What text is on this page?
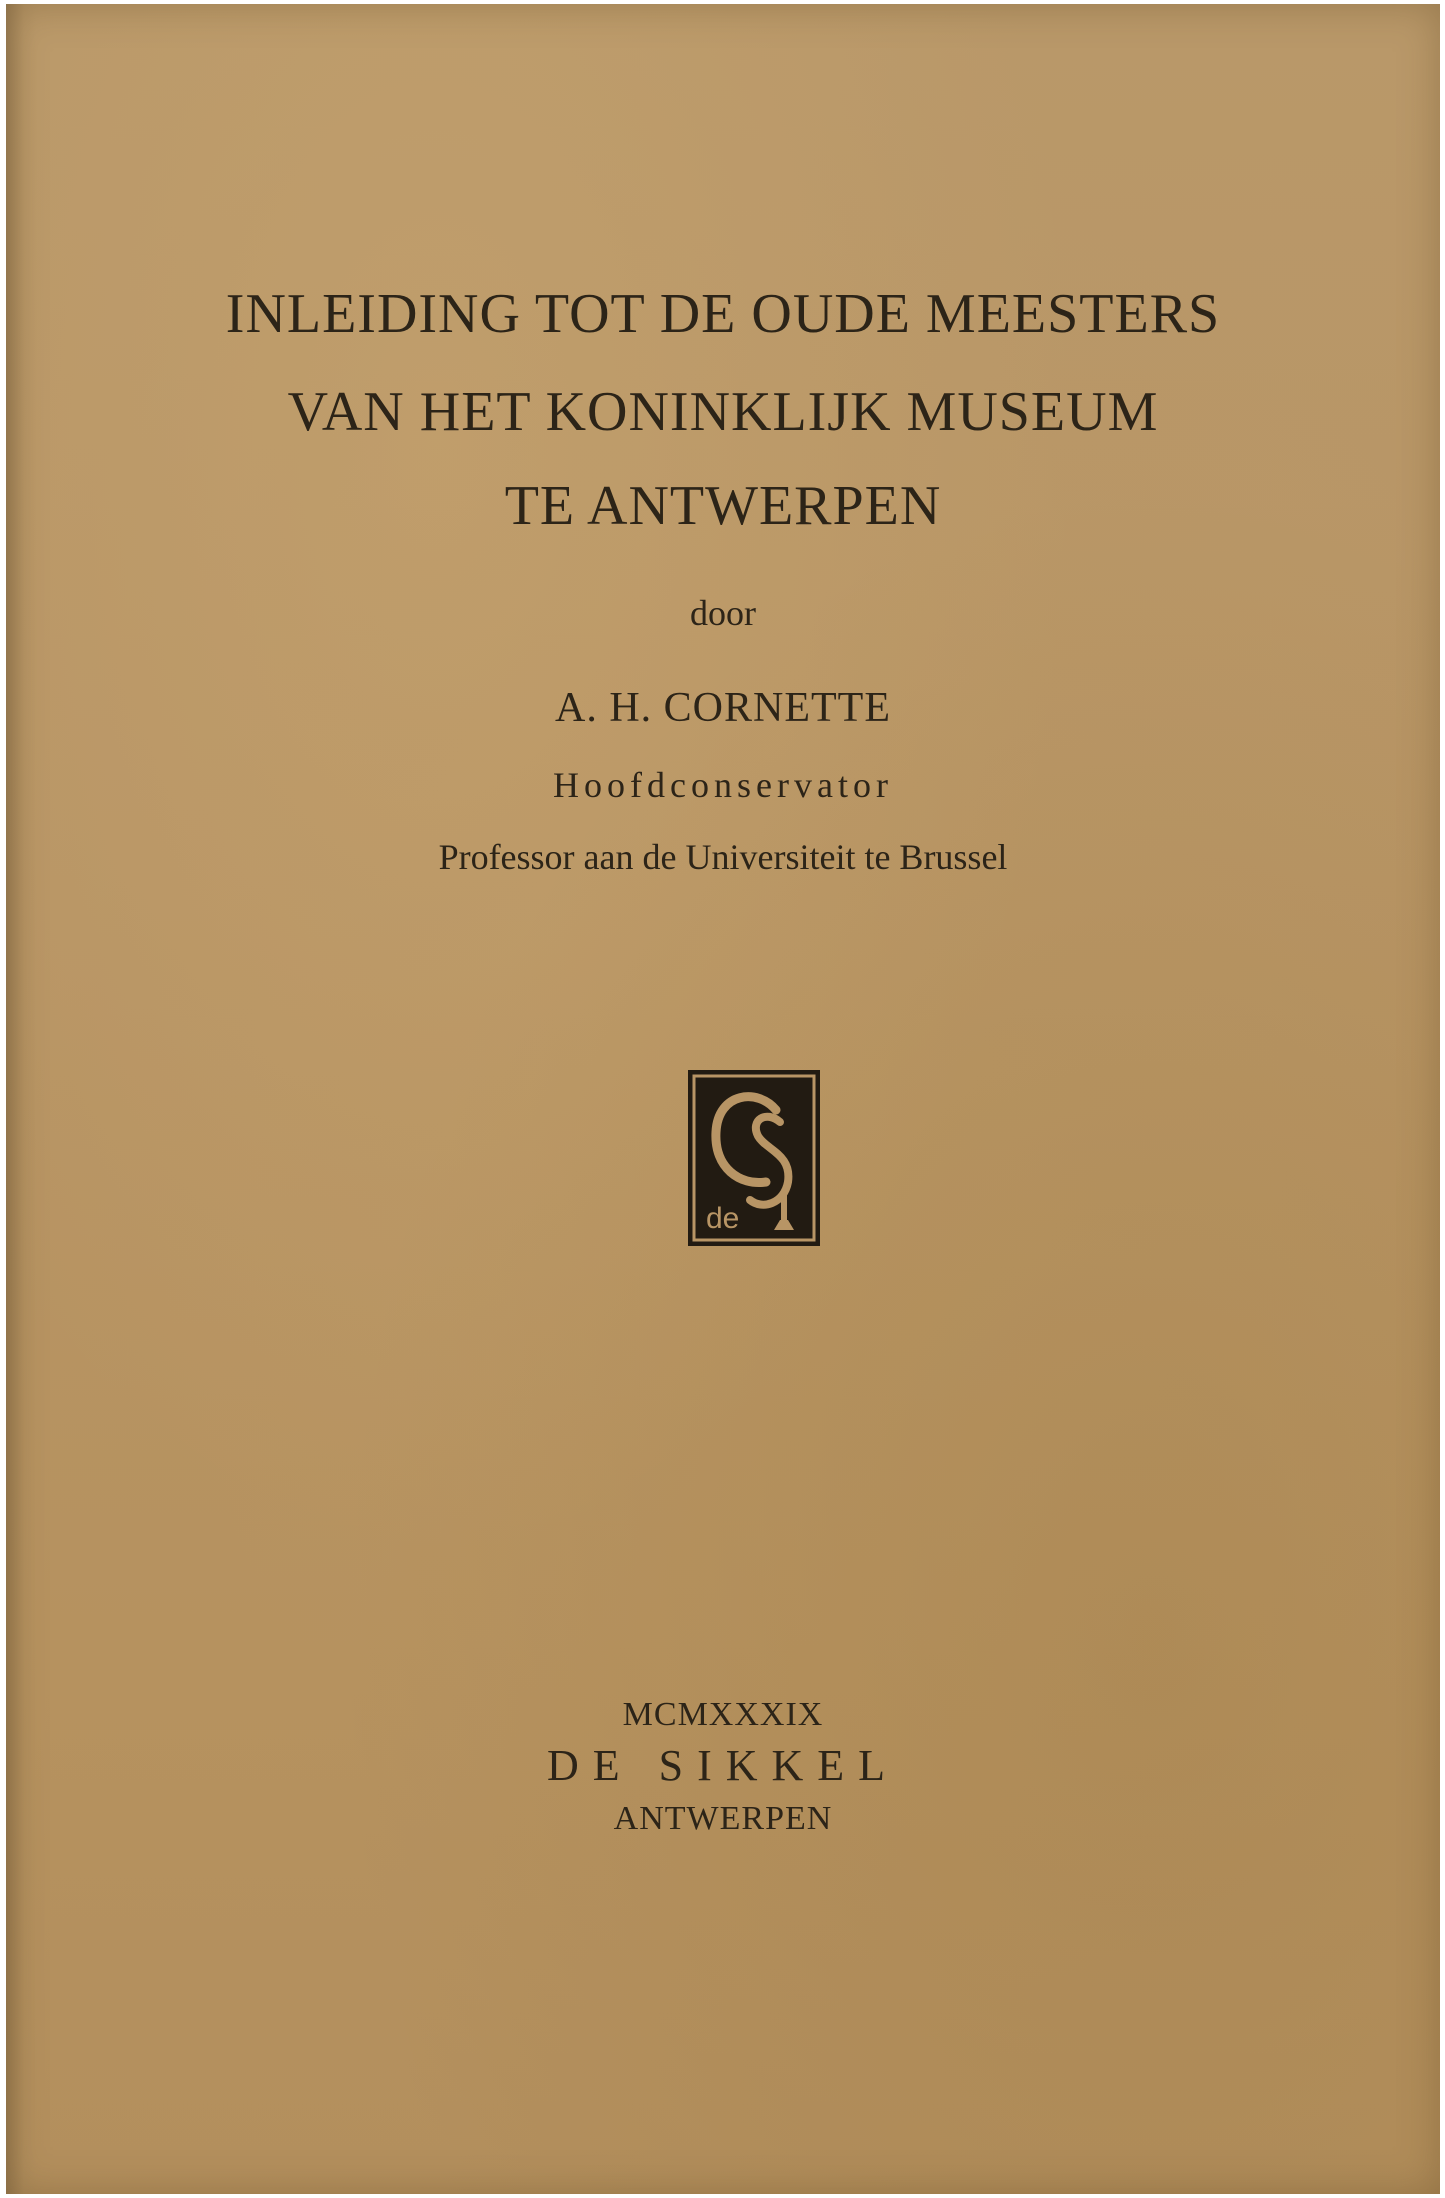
INLEIDING TOT DE OUDE MEESTERS
VAN HET KONINKLIJK MUSEUM
TE ANTWERPEN
door
A. H. CORNETTE
Hoofdconservator
Professor aan de Universiteit te Brussel
de
MCMXXXIX
DE SIKKEL
ANTWERPEN
